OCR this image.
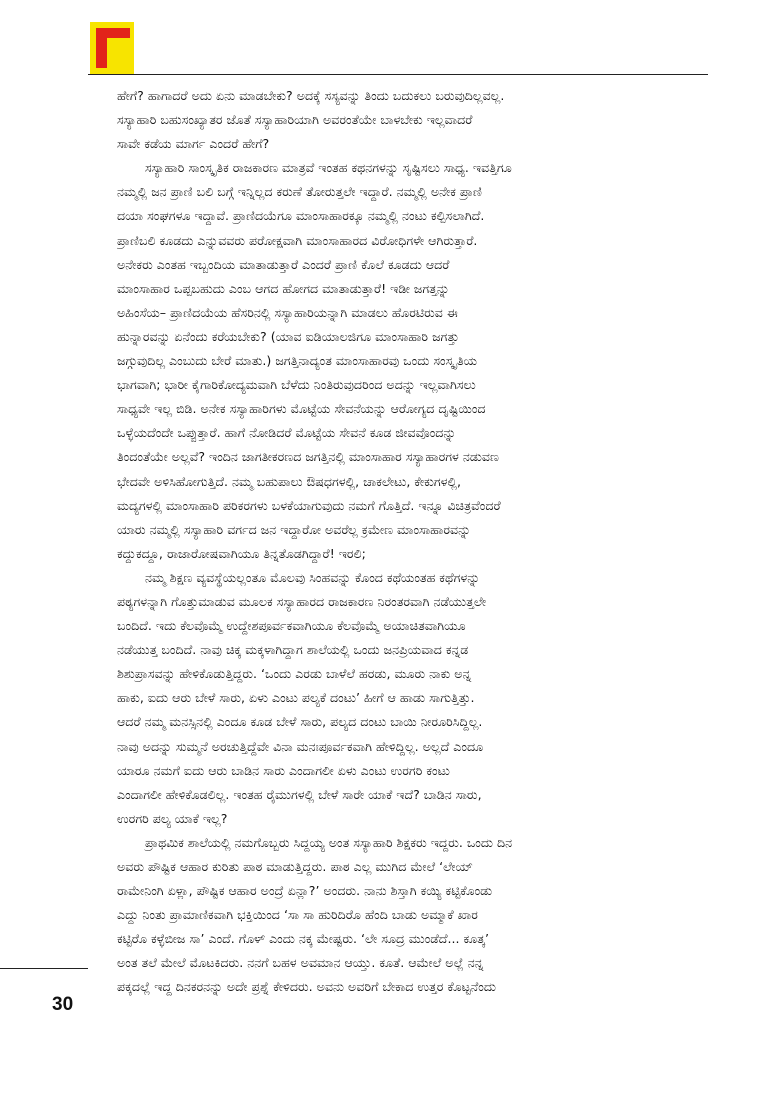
ಹೇಗೆ? ಹಾಗಾದರೆ ಅದು ಏನು ಮಾಡಬೇಕು? ಅದಕ್ಕೆ ಸಸ್ಯವನ್ನು ತಿಂದು ಬದುಕಲು ಬರುವುದಿಲ್ಲವಲ್ಲ.
ಸಸ್ಯಾಹಾರಿ ಬಹುಸಂಖ್ಯಾತರ ಜೊತೆ ಸಸ್ಯಾಹಾರಿಯಾಗಿ ಅವರಂತೆಯೇ ಬಾಳಬೇಕು ಇಲ್ಲವಾದರೆ
ಸಾವೇ ಕಡೆಯ ಮಾರ್ಗ ಎಂದರೆ ಹೇಗೆ?
ಸಸ್ಯಾಹಾರಿ ಸಾಂಸ್ಕೃತಿಕ ರಾಜಕಾರಣ ಮಾತ್ರವೆ ಇಂತಹ ಕಥನಗಳನ್ನು ಸೃಷ್ಟಿಸಲು ಸಾಧ್ಯ. ಇವತ್ತಿಗೂ
ನಮ್ಮಲ್ಲಿ ಜನ ಪ್ರಾಣಿ ಬಲಿ ಬಗ್ಗೆ ಇನ್ನಿಲ್ಲದ ಕರುಣೆ ತೋರುತ್ತಲೇ ಇದ್ದಾರೆ. ನಮ್ಮಲ್ಲಿ ಅನೇಕ ಪ್ರಾಣಿ
ದಯಾ ಸಂಘಗಳೂ ಇದ್ದಾವೆ. ಪ್ರಾಣಿದಯೆಗೂ ಮಾಂಸಾಹಾರಕ್ಕೂ ನಮ್ಮಲ್ಲಿ ನಂಟು ಕಲ್ಪಿಸಲಾಗಿದೆ.
ಪ್ರಾಣಿಬಲಿ ಕೂಡದು ಎನ್ನುವವರು ಪರೋಕ್ಷವಾಗಿ ಮಾಂಸಾಹಾರದ ವಿರೋಧಿಗಳೇ ಆಗಿರುತ್ತಾರೆ.
ಅನೇಕರು ಎಂತಹ ಇಬ್ಬಂದಿಯ ಮಾತಾಡುತ್ತಾರೆ ಎಂದರೆ ಪ್ರಾಣಿ ಕೊಲೆ ಕೂಡದು ಆದರೆ
ಮಾಂಸಾಹಾರ ಒಪ್ಪಬಹುದು ಎಂಬ ಆಗದ ಹೋಗದ ಮಾತಾಡುತ್ತಾರೆ! ಇಡೀ ಜಗತ್ತನ್ನು
ಅಹಿಂಸೆಯ– ಪ್ರಾಣಿದಯೆಯ ಹೆಸರಿನಲ್ಲಿ ಸಸ್ಯಾಹಾರಿಯನ್ನಾಗಿ ಮಾಡಲು ಹೊರಟಿರುವ ಈ
ಹುನ್ನಾರವನ್ನು ಏನೆಂದು ಕರೆಯಬೇಕು? (ಯಾವ ಐಡಿಯಾಲಜಿಗೂ ಮಾಂಸಾಹಾರಿ ಜಗತ್ತು
ಜಗ್ಗುವುದಿಲ್ಲ ಎಂಬುದು ಬೇರೆ ಮಾತು.) ಜಗತ್ತಿನಾದ್ಯಂತ ಮಾಂಸಾಹಾರವು ಒಂದು ಸಂಸ್ಕೃತಿಯ
ಭಾಗವಾಗಿ; ಭಾರೀ ಕೈಗಾರಿಕೋದ್ಯಮವಾಗಿ ಬೆಳೆದು ನಿಂತಿರುವುದರಿಂದ ಅದನ್ನು ಇಲ್ಲವಾಗಿಸಲು
ಸಾಧ್ಯವೇ ಇಲ್ಲ ಬಿಡಿ. ಅನೇಕ ಸಸ್ಯಾಹಾರಿಗಳು ಮೊಟ್ಟೆಯ ಸೇವನೆಯನ್ನು ಆರೋಗ್ಯದ ದೃಷ್ಟಿಯಿಂದ
ಒಳ್ಳೆಯದೆಂದೇ ಒಪ್ಪುತ್ತಾರೆ. ಹಾಗೆ ನೋಡಿದರೆ ಮೊಟ್ಟೆಯ ಸೇವನೆ ಕೂಡ ಜೀವವೊಂದನ್ನು
ತಿಂದಂತೆಯೇ ಅಲ್ಲವೆ? ಇಂದಿನ ಜಾಗತೀಕರಣದ ಜಗತ್ತಿನಲ್ಲಿ ಮಾಂಸಾಹಾರ ಸಸ್ಯಾಹಾರಗಳ ನಡುವಣ
ಭೇದವೇ ಅಳಿಸಿಹೋಗುತ್ತಿದೆ. ನಮ್ಮ ಬಹುಪಾಲು ಔಷಧಗಳಲ್ಲಿ, ಚಾಕಲೇಟು, ಕೇಕುಗಳಲ್ಲಿ,
ಮದ್ಯಗಳಲ್ಲಿ ಮಾಂಸಾಹಾರಿ ಪರಿಕರಗಳು ಬಳಕೆಯಾಗುವುದು ನಮಗೆ ಗೊತ್ತಿದೆ. ಇನ್ನೂ ವಿಚಿತ್ರವೆಂದರೆ
ಯಾರು ನಮ್ಮಲ್ಲಿ ಸಸ್ಯಾಹಾರಿ ವರ್ಗದ ಜನ ಇದ್ದಾರೋ ಅವರೆಲ್ಲ ಕ್ರಮೇಣ ಮಾಂಸಾಹಾರವನ್ನು
ಕದ್ದುಕದ್ದೂ, ರಾಜಾರೋಷವಾಗಿಯೂ ತಿನ್ನತೊಡಗಿದ್ದಾರೆ! ಇರಲಿ;
ನಮ್ಮ ಶಿಕ್ಷಣ ವ್ಯವಸ್ಥೆಯಲ್ಲಂತೂ ಮೊಲವು ಸಿಂಹವನ್ನು ಕೊಂದ ಕಥೆಯಂತಹ ಕಥೆಗಳನ್ನು
ಪಠ್ಯಗಳನ್ನಾಗಿ ಗೊತ್ತುಮಾಡುವ ಮೂಲಕ ಸಸ್ಯಾಹಾರದ ರಾಜಕಾರಣ ನಿರಂತರವಾಗಿ ನಡೆಯುತ್ತಲೇ
ಬಂದಿದೆ. ಇದು ಕೆಲವೊಮ್ಮೆ ಉದ್ದೇಶಪೂರ್ವಕವಾಗಿಯೂ ಕೆಲವೊಮ್ಮೆ ಅಯಾಚಿತವಾಗಿಯೂ
ನಡೆಯುತ್ತ ಬಂದಿದೆ. ನಾವು ಚಿಕ್ಕ ಮಕ್ಕಳಾಗಿದ್ದಾಗ ಶಾಲೆಯಲ್ಲಿ ಒಂದು ಜನಪ್ರಿಯವಾದ ಕನ್ನಡ
ಶಿಶುಪ್ರಾಸವನ್ನು ಹೇಳಿಕೊಡುತ್ತಿದ್ದರು. ‘ಒಂದು ಎರಡು ಬಾಳೆಲೆ ಹರಡು, ಮೂರು ನಾಕು ಅನ್ನ
ಹಾಕು, ಐದು ಆರು ಬೇಳೆ ಸಾರು, ಏಳು ಎಂಟು ಪಲ್ಯಕೆ ದಂಟು’ ಹೀಗೆ ಆ ಹಾಡು ಸಾಗುತ್ತಿತ್ತು.
ಆದರೆ ನಮ್ಮ ಮನಸ್ಸಿನಲ್ಲಿ ಎಂದೂ ಕೂಡ ಬೇಳೆ ಸಾರು, ಪಲ್ಯದ ದಂಟು ಬಾಯಿ ನೀರೂರಿಸಿದ್ದಿಲ್ಲ.
ನಾವು ಅದನ್ನು ಸುಮ್ಮನೆ ಅರಚುತ್ತಿದ್ದೆವೇ ವಿನಾ ಮನಃಪೂರ್ವಕವಾಗಿ ಹೇಳಿದ್ದಿಲ್ಲ. ಅಲ್ಲದೆ ಎಂದೂ
ಯಾರೂ ನಮಗೆ ಐದು ಆರು ಬಾಡಿನ ಸಾರು ಎಂದಾಗಲೀ ಏಳು ಎಂಟು ಉರಗರಿ ಕಂಟು
ಎಂದಾಗಲೀ ಹೇಳಿಕೊಡಲಿಲ್ಲ. ಇಂತಹ ರೈಮುಗಳಲ್ಲಿ ಬೇಳೆ ಸಾರೇ ಯಾಕೆ ಇದೆ? ಬಾಡಿನ ಸಾರು,
ಉರಗರಿ ಪಲ್ಯ ಯಾಕೆ ಇಲ್ಲ?
ಪ್ರಾಥಮಿಕ ಶಾಲೆಯಲ್ಲಿ ನಮಗೊಬ್ಬರು ಸಿದ್ದಯ್ಯ ಅಂತ ಸಸ್ಯಾಹಾರಿ ಶಿಕ್ಷಕರು ಇದ್ದರು. ಒಂದು ದಿನ
ಅವರು ಪೌಷ್ಟಿಕ ಆಹಾರ ಕುರಿತು ಪಾಠ ಮಾಡುತ್ತಿದ್ದರು. ಪಾಠ ಎಲ್ಲ ಮುಗಿದ ಮೇಲೆ ‘ಲೇಯ್
ರಾಮೇನಿಂಗಿ ಏಳ್ಲಾ, ಪೌಷ್ಟಿಕ ಆಹಾರ ಅಂದ್ರೆ ಏನ್ಲಾ?’ ಅಂದರು. ನಾನು ಶಿಸ್ತಾಗಿ ಕಯ್ಯಿ ಕಟ್ಟಿಕೊಂಡು
ಎದ್ದು ನಿಂತು ಪ್ರಾಮಾಣಿಕವಾಗಿ ಭಕ್ತಿಯಿಂದ ‘ಸಾ ಸಾ ಹುರಿದಿರೊ ಹೆಂದಿ ಬಾಡು ಅಮ್ಮಾಕೆ ಖಾರ
ಕಟ್ಟಿರೊ ಕಳ್ಳೆಬೀಜ ಸಾ’ ಎಂದೆ. ಗೊಳ್ ಎಂದು ನಕ್ಕ ಮೇಷ್ಟರು. ‘ಲೇ ಸೂದ್ರ ಮುಂಡೆದೆ... ಕೂತ್ಕ’
ಅಂತ ತಲೆ ಮೇಲೆ ಮೊಟಕಿದರು. ನನಗೆ ಬಹಳ ಅವಮಾನ ಆಯ್ತು. ಕೂತೆ. ಆಮೇಲೆ ಅಲ್ಲೆ ನನ್ನ
ಪಕ್ಕದಲ್ಲೆ ಇದ್ದ ದಿನಕರನನ್ನು ಅದೇ ಪ್ರಶ್ನೆ ಕೇಳಿದರು. ಅವನು ಅವರಿಗೆ ಬೇಕಾದ ಉತ್ತರ ಕೊಟ್ಟನೆಂದು
30
